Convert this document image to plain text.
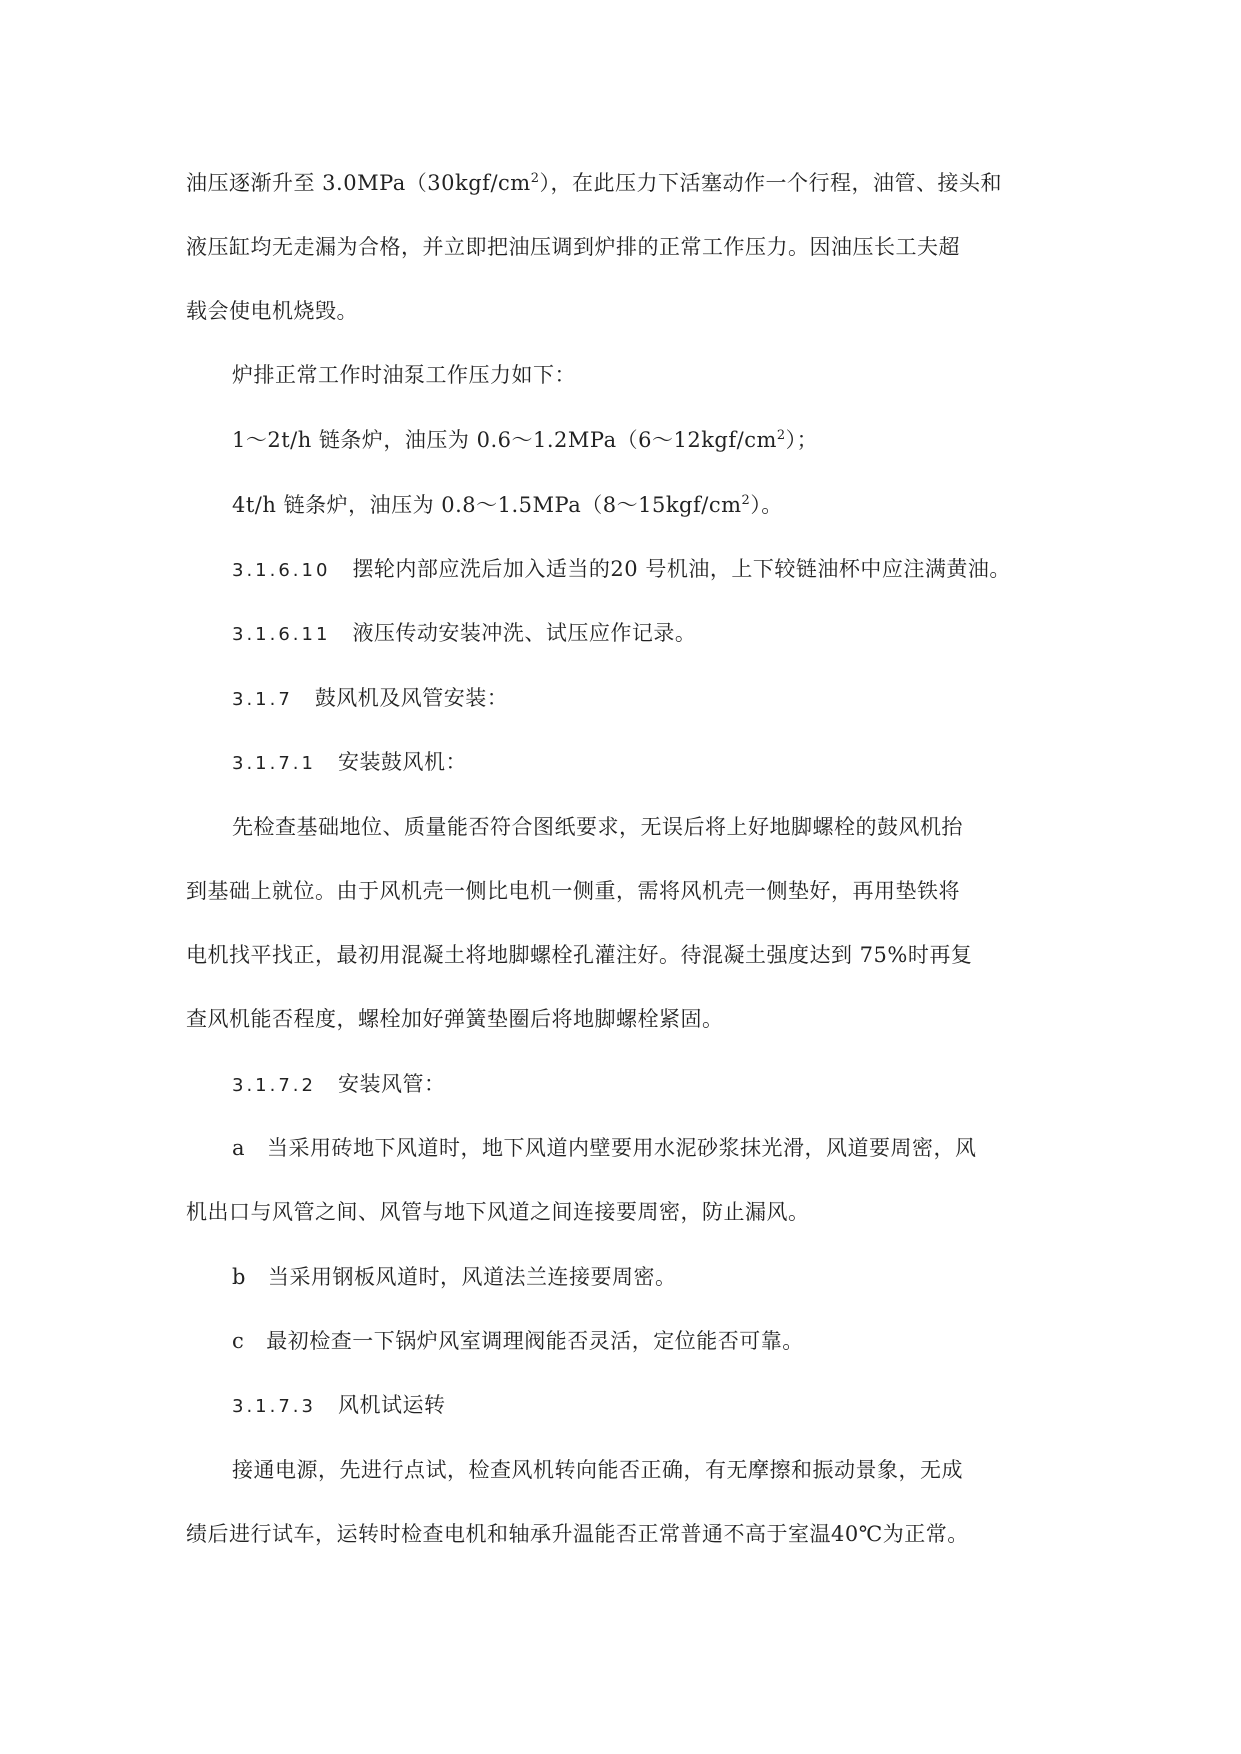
油压逐渐升至 $3.0MPa(30kgf/cm^2)$，在此压力下活塞动作一个行程，油管、接头和
液压缸均无走漏为合格，并立即把油压调到炉排的正常工作压力。因油压长工夫超
载会使电机烧毁。
炉排正常工作时油泵工作压力如下：
1～2t/h 链条炉，油压为 $0.6\sim 1.2MPa(6\sim 12kgf/cm^2)$；
4t/h 链条炉，油压为 $0.8\sim 1.5MPa(8\sim 15kgf/cm^2)$。
3.1.6.10 摆轮内部应洗后加入适当的20 号机油，上下较链油杯中应注满黄油。
3.1.6.11 液压传动安装冲洗、试压应作记录。
3.1.7 鼓风机及风管安装：
3.1.7.1 安装鼓风机：
先检查基础地位、质量能否符合图纸要求，无误后将上好地脚螺栓的鼓风机抬
到基础上就位。由于风机壳一侧比电机一侧重，需将风机壳一侧垫好，再用垫铁将
电机找平找正，最初用混凝土将地脚螺栓孔灌注好。待混凝土强度达到 75%时再复
查风机能否程度，螺栓加好弹簧垫圈后将地脚螺栓紧固。
3.1.7.2 安装风管：
a 当采用砖地下风道时，地下风道内壁要用水泥砂浆抹光滑，风道要周密，风
机出口与风管之间、风管与地下风道之间连接要周密，防止漏风。
b 当采用钢板风道时，风道法兰连接要周密。
c 最初检查一下锅炉风室调理阀能否灵活，定位能否可靠。
3.1.7.3 风机试运转
接通电源，先进行点试，检查风机转向能否正确，有无摩擦和振动景象，无成
绩后进行试车，运转时检查电机和轴承升温能否正常普通不高于室温40℃为正常。
